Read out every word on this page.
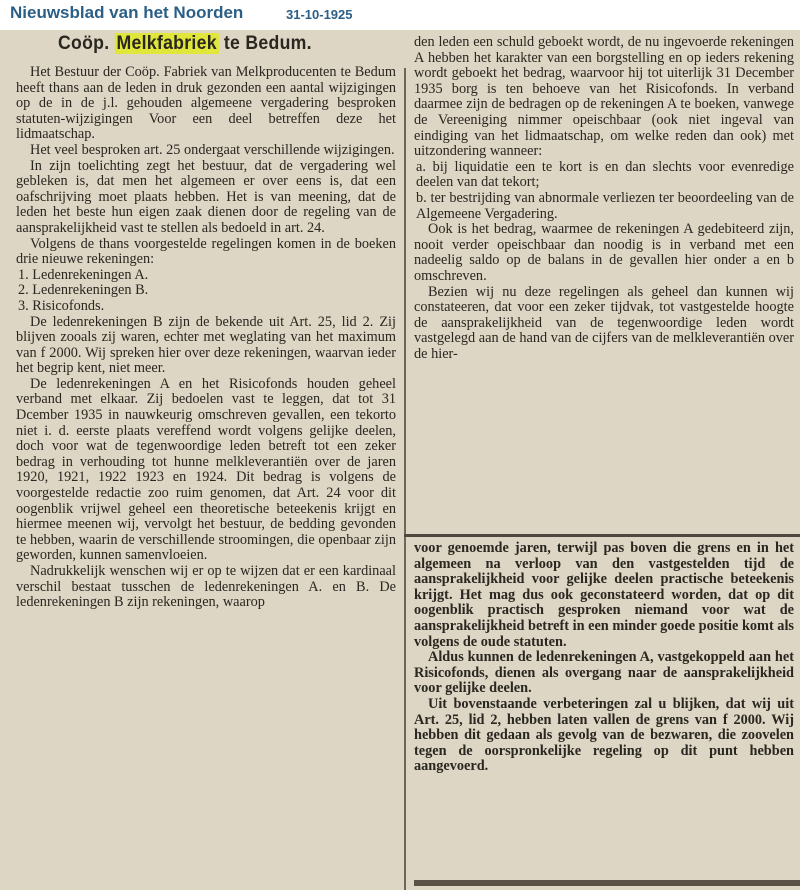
Nieuwsblad van het Noorden	31-10-1925
Coöp. Melkfabriek te Bedum.

Het Bestuur der Coöp. Fabriek van Melkproducenten te Bedum heeft thans aan de leden in druk gezonden een aantal wijzigingen op de in de j.l. gehouden algemeene vergadering besproken statuten-wijzigingen Voor een deel betreffen deze het lidmaatschap.

Het veel besproken art. 25 ondergaat verschillende wijzigingen.

In zijn toelichting zegt het bestuur, dat de vergadering wel gebleken is, dat men het algemeen er over eens is, dat een oafschrijving moet plaats hebben. Het is van meening, dat de leden het beste hun eigen zaak dienen door de regeling van de aansprakelijkheid vast te stellen als bedoeld in art. 24.

Volgens de thans voorgestelde regelingen komen in de boeken drie nieuwe rekeningen:

1. Ledenrekeningen A.

2. Ledenrekeningen B.

3. Risicofonds.

De ledenrekeningen B zijn de bekende uit Art. 25, lid 2. Zij blijven zooals zij waren, echter met weglating van het maximum van f 2000. Wij spreken hier over deze rekeningen, waarvan ieder het begrip kent, niet meer.

De ledenrekeningen A en het Risicofonds houden geheel verband met elkaar. Zij bedoelen vast te leggen, dat tot 31 Dcember 1935 in nauwkeurig omschreven gevallen, een tekorto niet i. d. eerste plaats vereffend wordt volgens gelijke deelen, doch voor wat de tegenwoordige leden betreft tot een zeker bedrag in verhouding tot hunne melkleverantiën over de jaren 1920, 1921, 1922 1923 en 1924. Dit bedrag is volgens de voorgestelde redactie zoo ruim genomen, dat Art. 24 voor dit oogenblik vrijwel geheel een theoretische beteekenis krijgt en hiermee meenen wij, vervolgt het bestuur, de bedding gevonden te hebben, waarin de verschillende stroomingen, die openbaar zijn geworden, kunnen samenvloeien.

Nadrukkelijk wenschen wij er op te wijzen dat er een kardinaal verschil bestaat tusschen de ledenrekeningen A. en B. De ledenrekeningen B zijn rekeningen, waarop

den leden een schuld geboekt wordt, de nu ingevoerde rekeningen A hebben het karakter van een borgstelling en op ieders rekening wordt geboekt het bedrag, waarvoor hij tot uiterlijk 31 December 1935 borg is ten behoeve van het Risicofonds. In verband daarmee zijn de bedragen op de rekeningen A te boeken, vanwege de Vereeniging nimmer opeischbaar (ook niet ingeval van eindiging van het lidmaatschap, om welke reden dan ook) met uitzondering wanneer:

a. bij liquidatie een te kort is en dan slechts voor evenredige deelen van dat tekort;

b. ter bestrijding van abnormale verliezen ter beoordeeling van de Algemeene Vergadering.

Ook is het bedrag, waarmee de rekeningen A gedebiteerd zijn, nooit verder opeischbaar dan noodig is in verband met een nadeelig saldo op de balans in de gevallen hier onder a en b omschreven.

Bezien wij nu deze regelingen als geheel dan kunnen wij constateeren, dat voor een zeker tijdvak, tot vastgestelde hoogte de aansprakelijkheid van de tegenwoordige leden wordt vastgelegd aan de hand van de cijfers van de melkleverantiën over de hier-

voor genoemde jaren, terwijl pas boven die grens en in het algemeen na verloop van den vastgestelden tijd de aansprakelijkheid voor gelijke deelen practische beteekenis krijgt. Het mag dus ook geconstateerd worden, dat op dit oogenblik practisch gesproken niemand voor wat de aansprakelijkheid betreft in een minder goede positie komt als volgens de oude statuten.

Aldus kunnen de ledenrekeningen A, vastgekoppeld aan het Risicofonds, dienen als overgang naar de aansprakelijkheid voor gelijke deelen.

Uit bovenstaande verbeteringen zal u blijken, dat wij uit Art. 25, lid 2, hebben laten vallen de grens van f 2000. Wij hebben dit gedaan als gevolg van de bezwaren, die zoovelen tegen de oorspronkelijke regeling op dit punt hebben aangevoerd.
